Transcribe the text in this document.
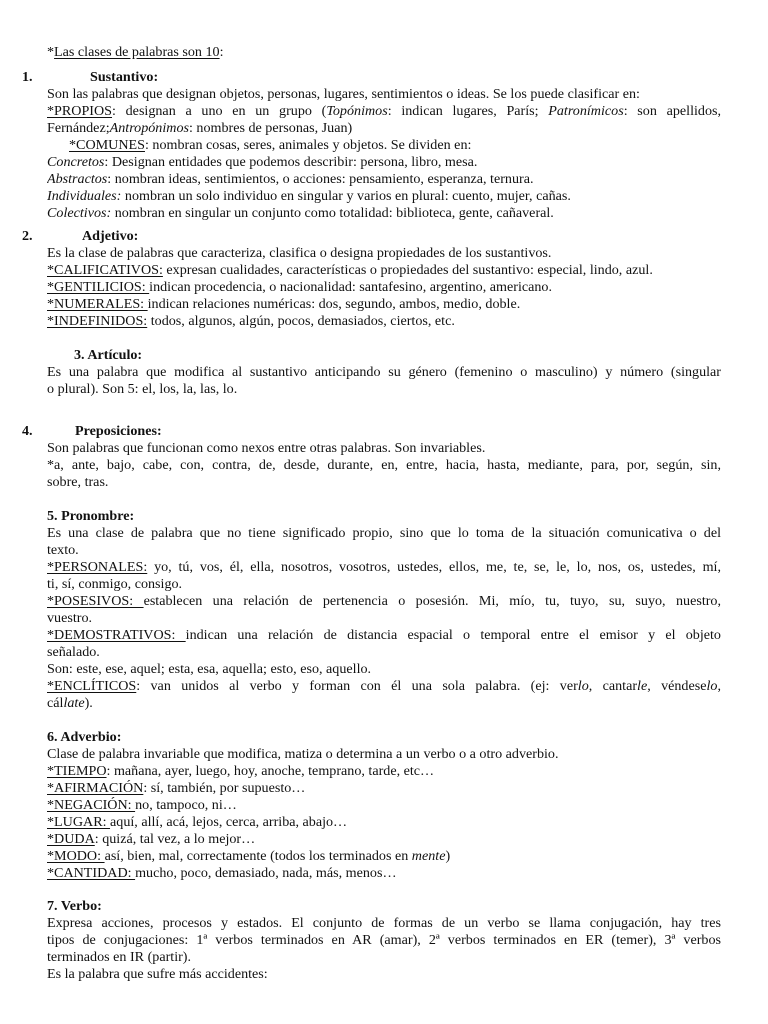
*Las clases de palabras son 10:
1.	Sustantivo:
Son las palabras que designan objetos, personas, lugares, sentimientos o ideas. Se los puede clasificar en:
*PROPIOS: designan a uno en un grupo (Topónimos: indican lugares, París; Patronímicos: son apellidos,
Fernández;Antropónimos: nombres de personas, Juan)
*COMUNES: nombran cosas, seres, animales y objetos. Se dividen en:
Concretos: Designan entidades que podemos describir: persona, libro, mesa.
Abstractos: nombran ideas, sentimientos, o acciones: pensamiento, esperanza, ternura.
Individuales: nombran un solo individuo en singular y varios en plural: cuento, mujer, cañas.
Colectivos: nombran en singular un conjunto como totalidad: biblioteca, gente, cañaveral.
2.	Adjetivo:
Es la clase de palabras que caracteriza, clasifica o designa propiedades de los sustantivos.
*CALIFICATIVOS: expresan cualidades, características o propiedades del sustantivo: especial, lindo, azul.
*GENTILICIOS: indican procedencia, o nacionalidad: santafesino, argentino, americano.
*NUMERALES: indican relaciones numéricas: dos, segundo, ambos, medio, doble.
*INDEFINIDOS: todos, algunos, algún, pocos, demasiados, ciertos, etc.
3. Artículo:
Es una palabra que modifica al sustantivo anticipando su género (femenino o masculino) y número (singular
o plural). Son 5: el, los, la, las, lo.
4.	Preposiciones:
Son palabras que funcionan como nexos entre otras palabras. Son invariables.
*a, ante, bajo, cabe, con, contra, de, desde, durante, en, entre, hacia, hasta, mediante, para, por, según, sin,
sobre, tras.
5. Pronombre:
Es una clase de palabra que no tiene significado propio, sino que lo toma de la situación comunicativa o del
texto.
*PERSONALES: yo, tú, vos, él, ella, nosotros, vosotros, ustedes, ellos, me, te, se, le, lo, nos, os, ustedes, mí,
ti, sí, conmigo, consigo.
*POSESIVOS: establecen una relación de pertenencia o posesión. Mi, mío, tu, tuyo, su, suyo, nuestro,
vuestro.
*DEMOSTRATIVOS: indican una relación de distancia espacial o temporal entre el emisor y el objeto
señalado.
Son: este, ese, aquel; esta, esa, aquella; esto, eso, aquello.
*ENCLÍTICOS: van unidos al verbo y forman con él una sola palabra. (ej: verlo, cantarle, véndeselo,
cállate).
6. Adverbio:
Clase de palabra invariable que modifica, matiza o determina a un verbo o a otro adverbio.
*TIEMPO: mañana, ayer, luego, hoy, anoche, temprano, tarde, etc…
*AFIRMACIÓN: sí, también, por supuesto…
*NEGACIÓN: no, tampoco, ni…
*LUGAR: aquí, allí, acá, lejos, cerca, arriba, abajo…
*DUDA: quizá, tal vez, a lo mejor…
*MODO: así, bien, mal, correctamente (todos los terminados en mente)
*CANTIDAD: mucho, poco, demasiado, nada, más, menos…
7. Verbo:
Expresa acciones, procesos y estados. El conjunto de formas de un verbo se llama conjugación, hay tres
tipos de conjugaciones: 1ª verbos terminados en AR (amar), 2ª verbos terminados en ER (temer), 3ª verbos
terminados en IR (partir).
Es la palabra que sufre más accidentes:
